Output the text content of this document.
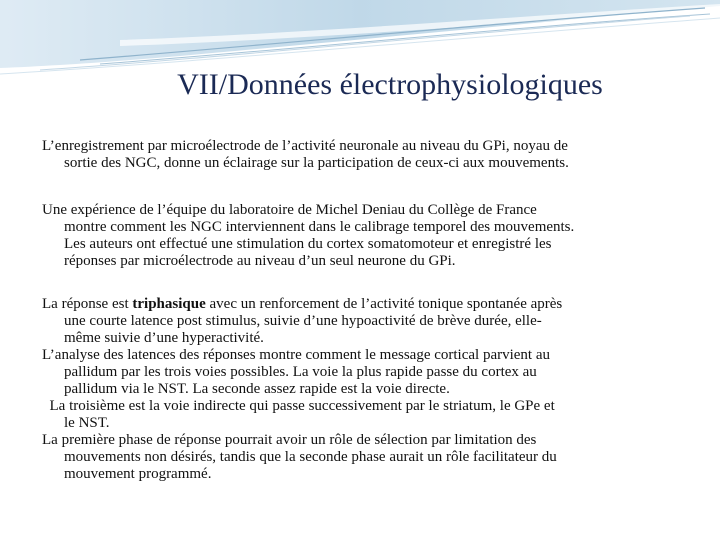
VII/Données électrophysiologiques
L’enregistrement par microélectrode de l’activité neuronale au niveau du GPi, noyau de
sortie des NGC, donne un éclairage sur la participation de ceux-ci aux mouvements.
Une expérience de l’équipe du laboratoire de Michel Deniau du Collège de France
montre comment les NGC interviennent dans le calibrage temporel des mouvements.
Les auteurs ont effectué une stimulation du cortex somatomoteur et enregistré les
réponses par microélectrode au niveau d’un seul neurone du GPi.
La réponse est triphasique avec un renforcement de l’activité tonique spontanée après
une courte latence post stimulus, suivie d’une hypoactivité de brève durée, elle-
même suivie d’une hyperactivité.
L’analyse des latences des réponses montre comment le message cortical parvient au
pallidum par les trois voies possibles. La voie la plus rapide passe du cortex au
pallidum via le NST. La seconde assez rapide est la voie directe.
La troisième est la voie indirecte qui passe successivement par le striatum, le GPe et
le NST.
La première phase de réponse pourrait avoir un rôle de sélection par limitation des
mouvements non désirés, tandis que la seconde phase aurait un rôle facilitateur du
mouvement programmé.
